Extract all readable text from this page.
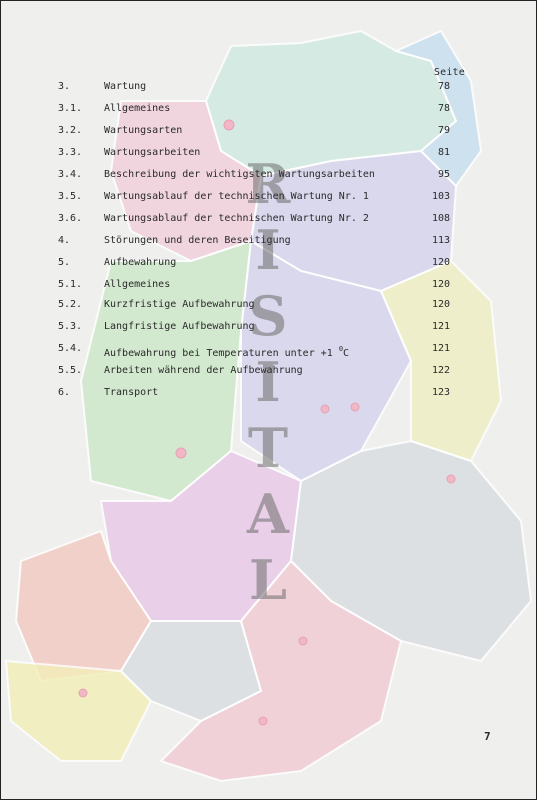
R
I
S
I
T
A
L
Seite
3.	Wartung	78
3.1. Allgemeines	78
3.2. Wartungsarten	79
3.3. Wartungsarbeiten	81
3.4. Beschreibung der wichtigsten Wartungsarbeiten	95
3.5. Wartungsablauf der technischen Wartung Nr. 1	103
3.6. Wartungsablauf der technischen Wartung Nr. 2	108
4.	Störungen und deren Beseitigung	113
5.	Aufbewahrung	120
5.1. Allgemeines	120
5.2. Kurzfristige Aufbewahrung	120
5.3. Langfristige Aufbewahrung	121
5.4. Aufbewahrung bei Temperaturen unter +1 $^0$C	121
5.5. Arbeiten während der Aufbewahrung	122
6.	Transport	123
7
